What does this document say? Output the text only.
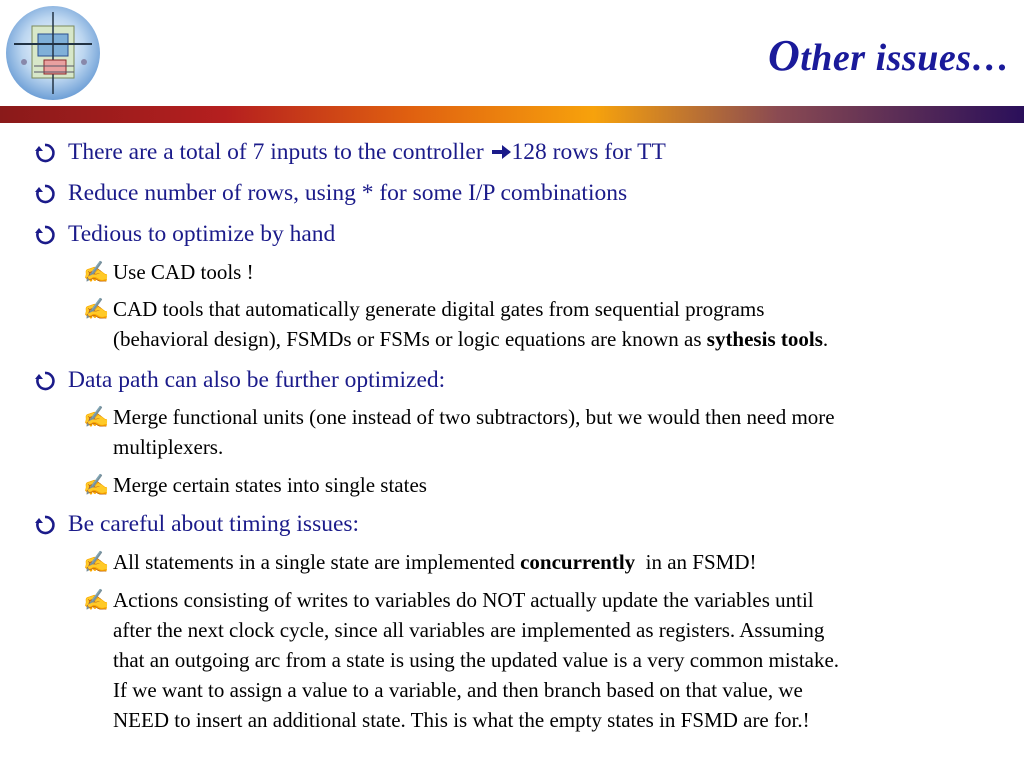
Other issues…
There are a total of 7 inputs to the controller 128 rows for TT
Reduce number of rows, using * for some I/P combinations
Tedious to optimize by hand
✍ Use CAD tools !
✍ CAD tools that automatically generate digital gates from sequential programs
(behavioral design), FSMDs or FSMs or logic equations are known as sythesis tools.
Data path can also be further optimized:
✍ Merge functional units (one instead of two subtractors), but we would then need more
multiplexers.
✍ Merge certain states into single states
Be careful about timing issues:
✍ All statements in a single state are implemented concurrently  in an FSMD!
✍ Actions consisting of writes to variables do NOT actually update the variables until
after the next clock cycle, since all variables are implemented as registers. Assuming
that an outgoing arc from a state is using the updated value is a very common mistake.
If we want to assign a value to a variable, and then branch based on that value, we
NEED to insert an additional state. This is what the empty states in FSMD are for.!
